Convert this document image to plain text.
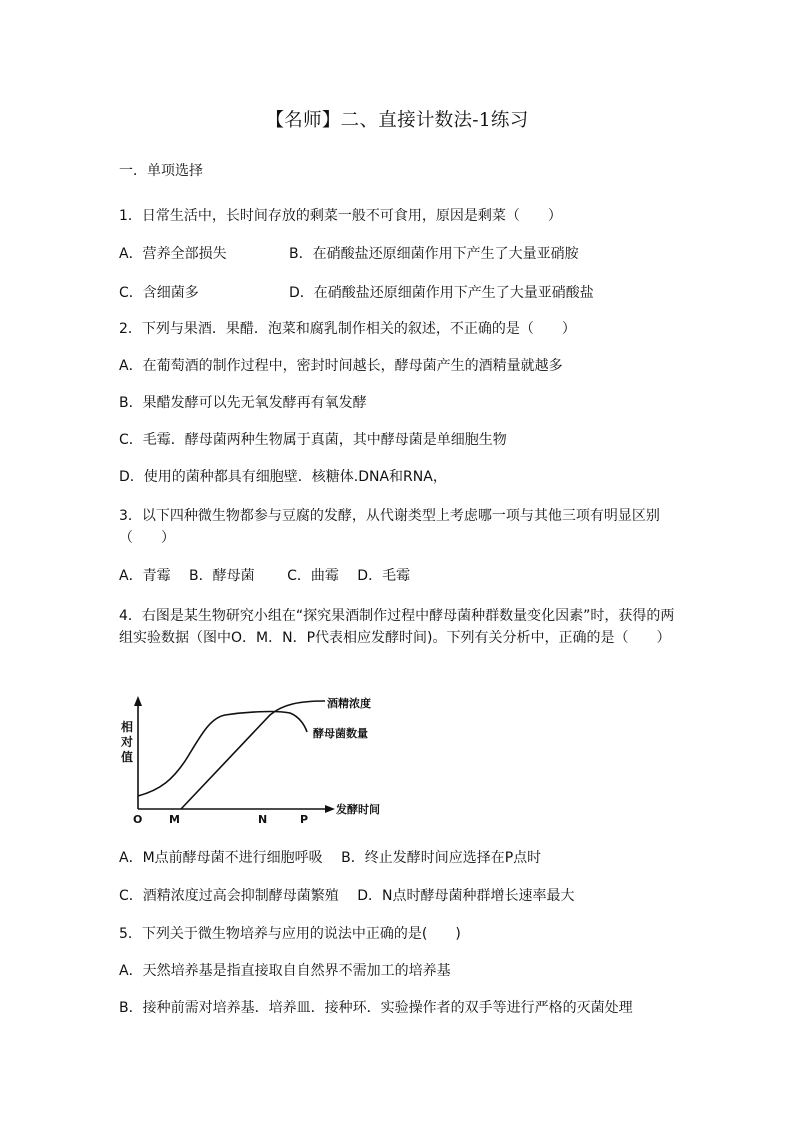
【名师】二、直接计数法-1练习
一．单项选择
1．日常生活中，长时间存放的剩菜一般不可食用，原因是剩菜（　　）
A．营养全部损失	B．在硝酸盐还原细菌作用下产生了大量亚硝胺
C．含细菌多	D．在硝酸盐还原细菌作用下产生了大量亚硝酸盐
2．下列与果酒．果醋．泡菜和腐乳制作相关的叙述，不正确的是（　　）
A．在葡萄酒的制作过程中，密封时间越长，酵母菌产生的酒精量就越多
B．果醋发酵可以先无氧发酵再有氧发酵
C．毛霉．酵母菌两种生物属于真菌，其中酵母菌是单细胞生物
D．使用的菌种都具有细胞壁．核糖体.DNA和RNA，
3．以下四种微生物都参与豆腐的发酵，从代谢类型上考虑哪一项与其他三项有明显区别（　　）
A．青霉　 B．酵母菌　　 C．曲霉　 D．毛霉
4．右图是某生物研究小组在“探究果酒制作过程中酵母菌种群数量变化因素”时，获得的两组实验数据（图中O．M．N．P代表相应发酵时间)。下列有关分析中，正确的是（　　）
相
对
值
酒精浓度
酵母菌数量
O M	N	P
发酵时间
A．M点前酵母菌不进行细胞呼吸　 B．终止发酵时间应选择在P点时
C．酒精浓度过高会抑制酵母菌繁殖　 D．N点时酵母菌种群增长速率最大
5．下列关于微生物培养与应用的说法中正确的是(　　)
A．天然培养基是指直接取自自然界不需加工的培养基
B．接种前需对培养基．培养皿．接种环．实验操作者的双手等进行严格的灭菌处理
